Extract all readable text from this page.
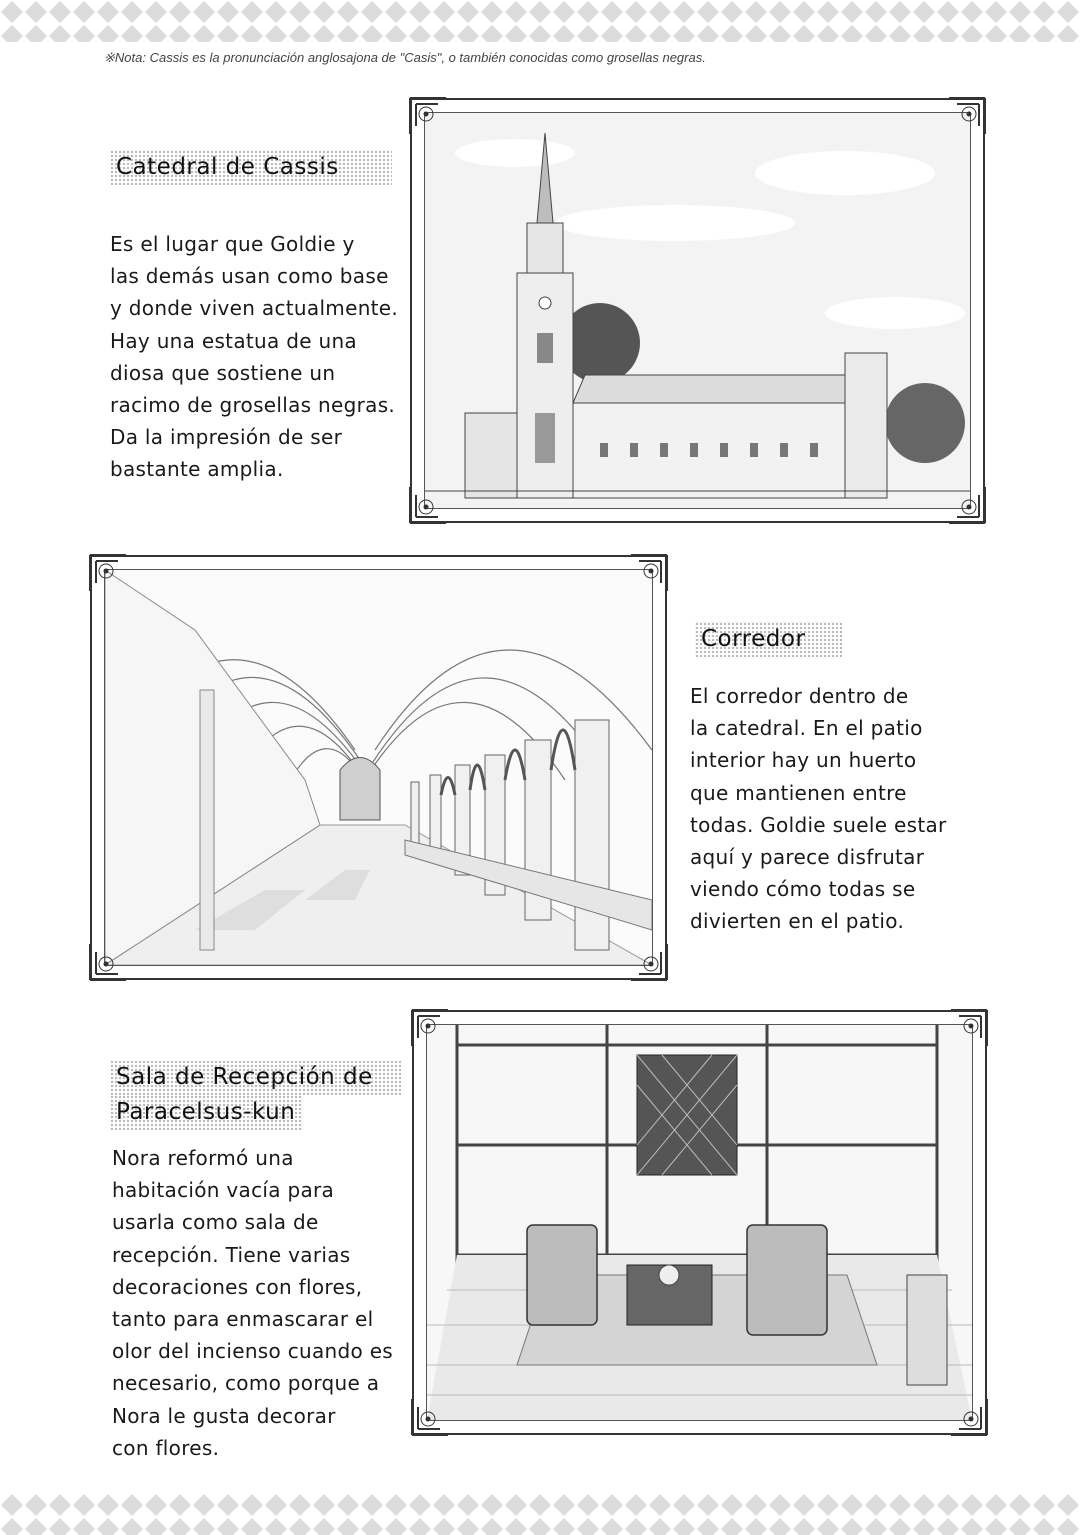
※Nota: Cassis es la pronunciación anglosajona de "Casis", o también conocidas como grosellas negras.
Catedral de Cassis
Es el lugar que Goldie y
las demás usan como base
y donde viven actualmente.
Hay una estatua de una
diosa que sostiene un
racimo de grosellas negras.
Da la impresión de ser
bastante amplia.
Corredor
El corredor dentro de
la catedral. En el patio
interior hay un huerto
que mantienen entre
todas. Goldie suele estar
aquí y parece disfrutar
viendo cómo todas se
divierten en el patio.
Sala de Recepción de
Paracelsus-kun
Nora reformó una
habitación vacía para
usarla como sala de
recepción. Tiene varias
decoraciones con flores,
tanto para enmascarar el
olor del incienso cuando es
necesario, como porque a
Nora le gusta decorar
con flores.
